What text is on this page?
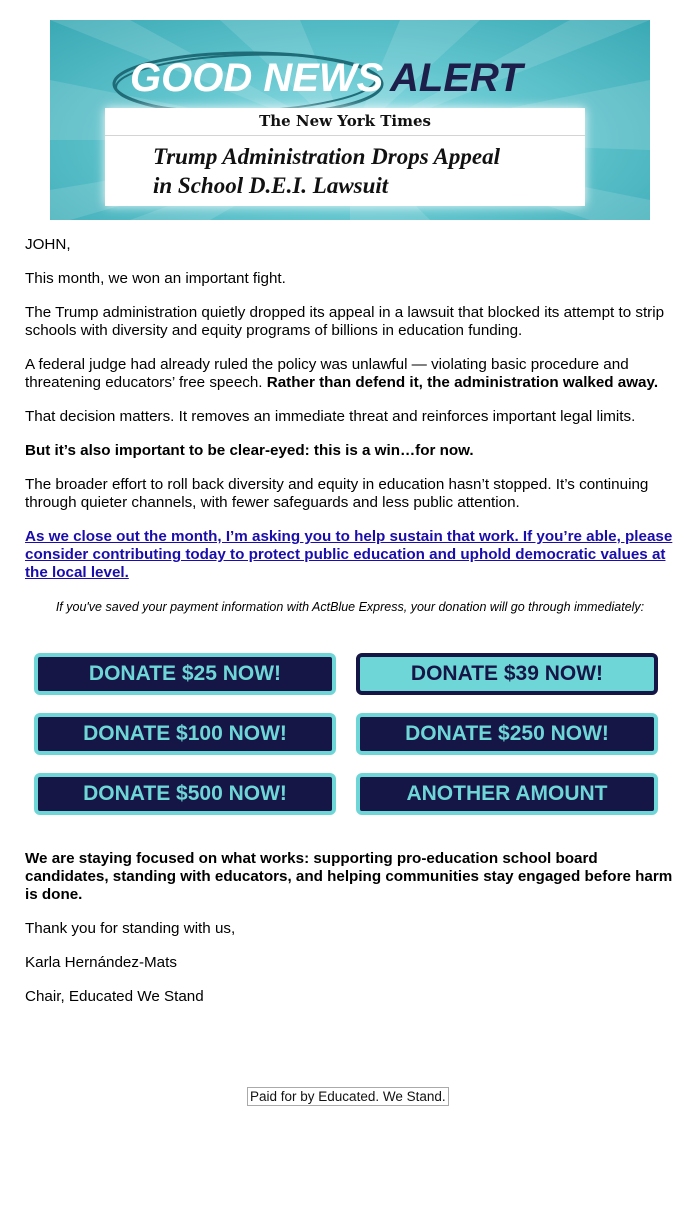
GOOD NEWS ALERT
The New York Times
Trump Administration Drops Appeal
in School D.E.I. Lawsuit

JOHN,

This month, we won an important fight.

The Trump administration quietly dropped its appeal in a lawsuit that blocked its attempt to strip schools with diversity and equity programs of billions in education funding.

A federal judge had already ruled the policy was unlawful — violating basic procedure and threatening educators’ free speech. Rather than defend it, the administration walked away.

That decision matters. It removes an immediate threat and reinforces important legal limits.

But it’s also important to be clear-eyed: this is a win…for now.

The broader effort to roll back diversity and equity in education hasn’t stopped. It’s continuing through quieter channels, with fewer safeguards and less public attention.

As we close out the month, I’m asking you to help sustain that work. If you’re able, please consider contributing today to protect public education and uphold democratic values at the local level.

If you've saved your payment information with ActBlue Express, your donation will go through immediately:

DONATE $25 NOW!	DONATE $39 NOW!
DONATE $100 NOW!	DONATE $250 NOW!
DONATE $500 NOW!	ANOTHER AMOUNT

We are staying focused on what works: supporting pro-education school board candidates, standing with educators, and helping communities stay engaged before harm is done.

Thank you for standing with us,

Karla Hernández-Mats

Chair, Educated We Stand

Paid for by Educated. We Stand.
